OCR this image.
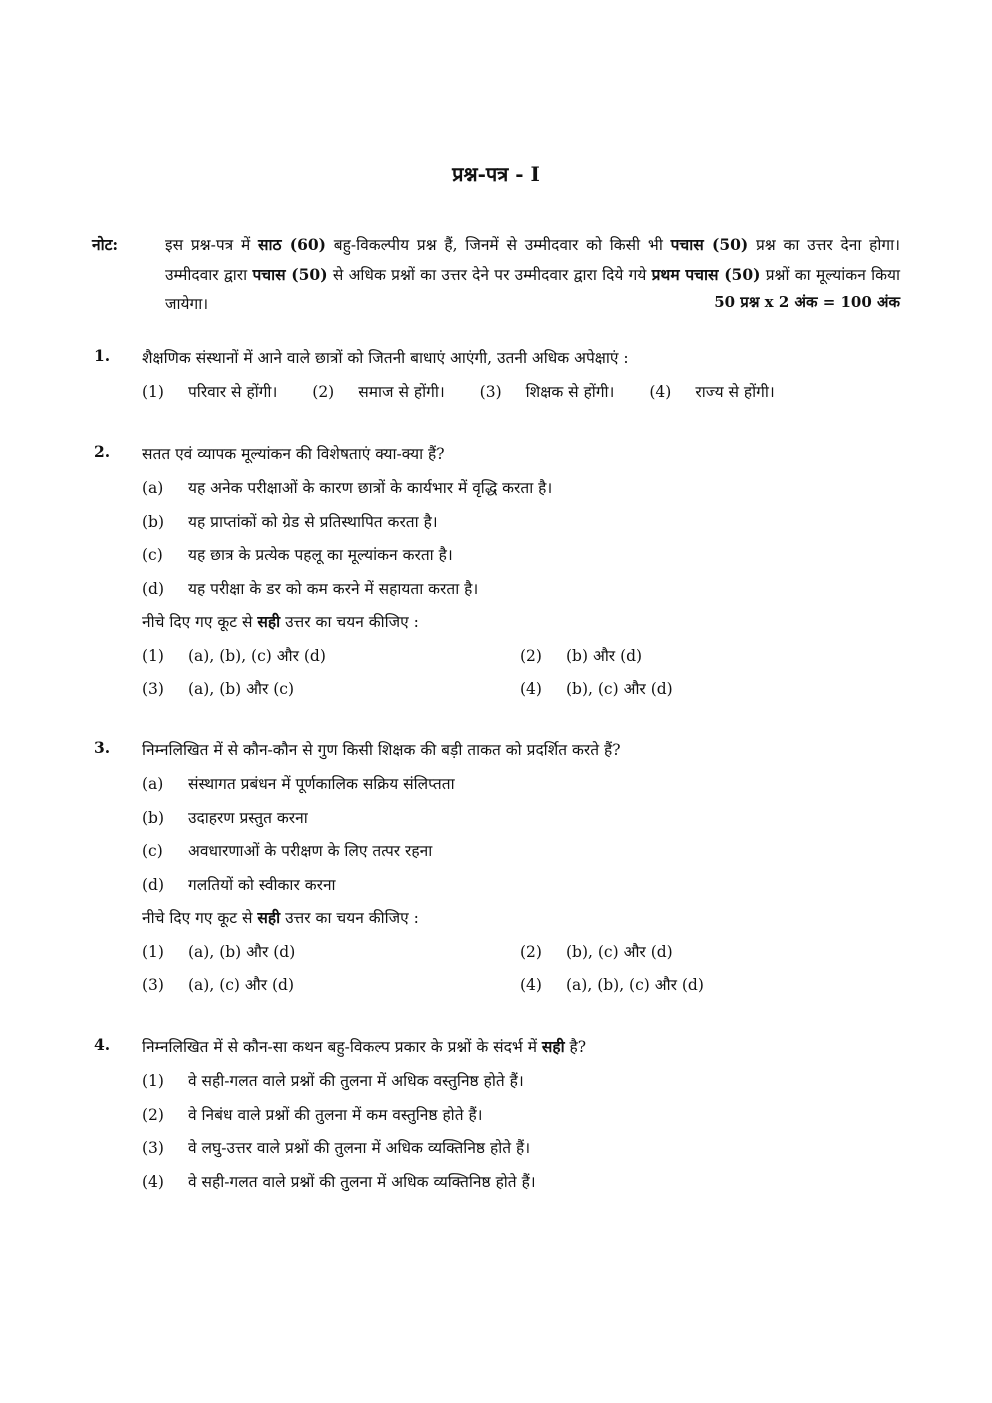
प्रश्न-पत्र - I
नोट:	इस प्रश्न-पत्र में साठ (60) बहु-विकल्पीय प्रश्न हैं, जिनमें से उम्मीदवार को किसी भी पचास (50) प्रश्न का उत्तर देना होगा। उम्मीदवार द्वारा पचास (50) से अधिक प्रश्नों का उत्तर देने पर उम्मीदवार द्वारा दिये गये प्रथम पचास (50) प्रश्नों का मूल्यांकन किया जायेगा।	50 प्रश्न x 2 अंक = 100 अंक
1. शैक्षणिक संस्थानों में आने वाले छात्रों को जितनी बाधाएं आएंगी, उतनी अधिक अपेक्षाएं :
(1) परिवार से होंगी। (2) समाज से होंगी। (3) शिक्षक से होंगी। (4) राज्य से होंगी।
2. सतत एवं व्यापक मूल्यांकन की विशेषताएं क्या-क्या हैं?
(a) यह अनेक परीक्षाओं के कारण छात्रों के कार्यभार में वृद्धि करता है।
(b) यह प्राप्तांकों को ग्रेड से प्रतिस्थापित करता है।
(c) यह छात्र के प्रत्येक पहलू का मूल्यांकन करता है।
(d) यह परीक्षा के डर को कम करने में सहायता करता है।
नीचे दिए गए कूट से सही उत्तर का चयन कीजिए :
(1) (a), (b), (c) और (d)	(2) (b) और (d)
(3) (a), (b) और (c)	(4) (b), (c) और (d)
3. निम्नलिखित में से कौन-कौन से गुण किसी शिक्षक की बड़ी ताकत को प्रदर्शित करते हैं?
(a) संस्थागत प्रबंधन में पूर्णकालिक सक्रिय संलिप्तता
(b) उदाहरण प्रस्तुत करना
(c) अवधारणाओं के परीक्षण के लिए तत्पर रहना
(d) गलतियों को स्वीकार करना
नीचे दिए गए कूट से सही उत्तर का चयन कीजिए :
(1) (a), (b) और (d)	(2) (b), (c) और (d)
(3) (a), (c) और (d)	(4) (a), (b), (c) और (d)
4. निम्नलिखित में से कौन-सा कथन बहु-विकल्प प्रकार के प्रश्नों के संदर्भ में सही है?
(1) वे सही-गलत वाले प्रश्नों की तुलना में अधिक वस्तुनिष्ठ होते हैं।
(2) वे निबंध वाले प्रश्नों की तुलना में कम वस्तुनिष्ठ होते हैं।
(3) वे लघु-उत्तर वाले प्रश्नों की तुलना में अधिक व्यक्तिनिष्ठ होते हैं।
(4) वे सही-गलत वाले प्रश्नों की तुलना में अधिक व्यक्तिनिष्ठ होते हैं।
